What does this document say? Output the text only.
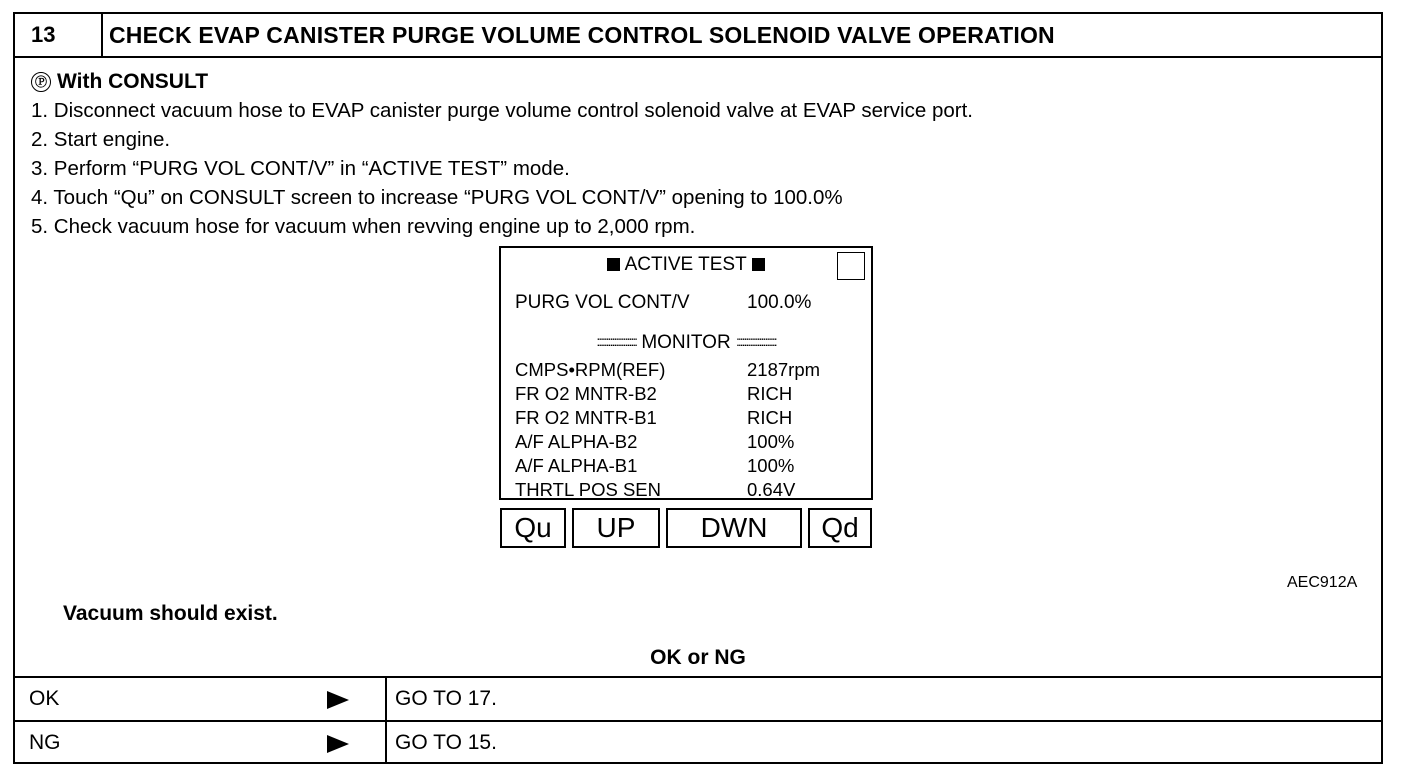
13	CHECK EVAP CANISTER PURGE VOLUME CONTROL SOLENOID VALVE OPERATION
Ⓟ With CONSULT
1. Disconnect vacuum hose to EVAP canister purge volume control solenoid valve at EVAP service port.
2. Start engine.
3. Perform “PURG VOL CONT/V” in “ACTIVE TEST” mode.
4. Touch “Qu” on CONSULT screen to increase “PURG VOL CONT/V” opening to 100.0%
5. Check vacuum hose for vacuum when revving engine up to 2,000 rpm.
AEC912A
Vacuum should exist.
OK or NG
OK	GO TO 17.
NG	GO TO 15.
ACTIVE TEST
PURG VOL CONT/V	100.0%
::::::::::::::::::::: MONITOR :::::::::::::::::::::
CMPS•RPM(REF)	2187rpm
FR O2 MNTR-B2	RICH
FR O2 MNTR-B1	RICH
A/F ALPHA-B2	100%
A/F ALPHA-B1	100%
THRTL POS SEN	0.64V
Qu	UP	DWN	Qd
